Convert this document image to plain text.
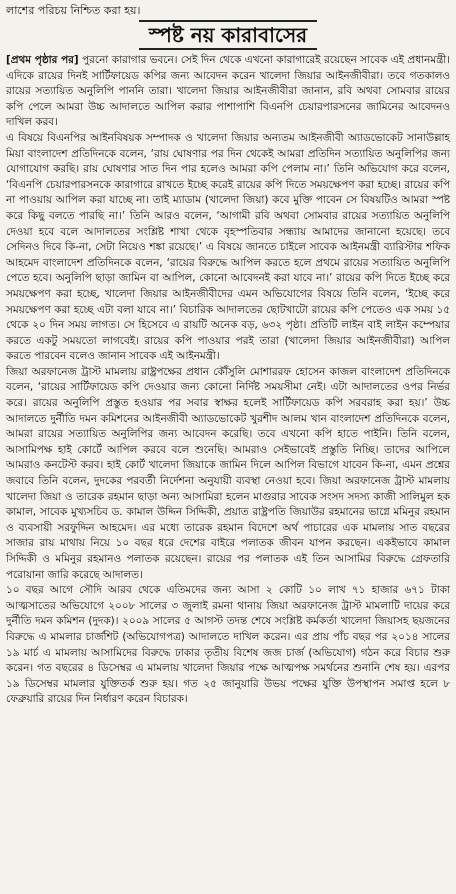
লাশের পরিচয় নিশ্চিত করা হয়।
স্পষ্ট নয় কারাবাসের

[প্রথম পৃষ্ঠার পর] পুরনো কারাগার ভবনে। সেই দিন থেকে এখনো কারাগারেই রয়েছেন সাবেক এই প্রধানমন্ত্রী। এদিকে রায়ের দিনই সার্টিফায়েড কপির জন্য আবেদন করেন খালেদা জিয়ার আইনজীবীরা। তবে গতকালও রায়ের সত্যায়িত অনুলিপি পাননি তারা। খালেদা জিয়ার আইনজীবীরা জানান, রবি অথবা সোমবার রায়ের কপি পেলে আমরা উচ্চ আদালতে আপিল করার পাশাপাশি বিএনপি চেয়ারপারসনের জামিনের আবেদনও দাখিল করব।

এ বিষয়ে বিএনপির আইনবিষয়ক সম্পাদক ও খালেদা জিয়ার অন্যতম আইনজীবী অ্যাডভোকেট সানাউল্লাহ মিয়া বাংলাদেশ প্রতিদিনকে বলেন, ‘রায় ঘোষণার পর দিন থেকেই আমরা প্রতিদিন সত্যায়িত অনুলিপির জন্য যোগাযোগ করছি। রায় ঘোষণার সাত দিন পার হলেও আমরা কপি পেলাম না।’ তিনি অভিযোগ করে বলেন, ‘বিএনপি চেয়ারপারসনকে কারাগারে রাখতে ইচ্ছে করেই রায়ের কপি দিতে সময়ক্ষেপণ করা হচ্ছে। রায়ের কপি না পাওয়ায় আপিল করা যাচ্ছে না। তাই ম্যাডাম (খালেদা জিয়া) কবে মুক্তি পাবেন সে বিষয়টিও আমরা স্পষ্ট করে কিছু বলতে পারছি না।’ তিনি আরও বলেন, ‘আগামী রবি অথবা সোমবার রায়ের সত্যায়িত অনুলিপি দেওয়া হবে বলে আদালতের সংশ্লিষ্ট শাখা থেকে বৃহস্পতিবার সন্ধ্যায় আমাদের জানানো হয়েছে। তবে সেদিনও দিবে কি-না, সেটা নিয়েও শঙ্কা রয়েছে।’ এ বিষয়ে জানতে চাইলে সাবেক আইনমন্ত্রী ব্যারিস্টার শফিক আহমেদ বাংলাদেশ প্রতিদিনকে বলেন, ‘রায়ের বিরুদ্ধে আপিল করতে হলে প্রথমে রায়ের সত্যায়িত অনুলিপি পেতে হবে। অনুলিপি ছাড়া জামিন বা আপিল, কোনো আবেদনই করা যাবে না।’ রায়ের কপি দিতে ইচ্ছে করে সময়ক্ষেপণ করা হচ্ছে, খালেদা জিয়ার আইনজীবীদের এমন অভিযোগের বিষয়ে তিনি বলেন, ‘ইচ্ছে করে সময়ক্ষেপণ করা হচ্ছে এটা বলা যাবে না।’ বিচারিক আদালতের ছোটখাটো রায়ের কপি পেতেও এক সময় ১৫ থেকে ২০ দিন সময় লাগত। সে হিসেবে এ রায়টি অনেক বড়, ৬৩২ পৃষ্ঠা। প্রতিটি লাইন বাই লাইন কম্পেয়ার করতে একটু সময়তো লাগবেই। রায়ের কপি পাওয়ার পরই তারা (খালেদা জিয়ার আইনজীবীরা) আপিল করতে পারবেন বলেও জানান সাবেক এই আইনমন্ত্রী।

জিয়া অরফানেজ ট্রাস্ট মামলায় রাষ্ট্রপক্ষের প্রধান কৌঁসুলি মোশাররফ হোসেন কাজল বাংলাদেশ প্রতিদিনকে বলেন, ‘রায়ের সার্টিফায়েড কপি দেওয়ার জন্য কোনো নির্দিষ্ট সময়সীমা নেই। এটা আদালতের ওপর নির্ভর করে। রায়ের অনুলিপি প্রস্তুত হওয়ার পর সবার স্বাক্ষর হলেই সার্টিফায়েড কপি সরবরাহ করা হয়।’ উচ্চ আদালতে দুর্নীতি দমন কমিশনের আইনজীবী অ্যাডভোকেট খুরশীদ আলম খান বাংলাদেশ প্রতিদিনকে বলেন, আমরা রায়ের সত্যায়িত অনুলিপির জন্য আবেদন করেছি। তবে এখনো কপি হাতে পাইনি। তিনি বলেন, আসামিপক্ষ হাই কোর্টে আপিল করবে বলে শুনেছি। আমরাও সেইভাবেই প্রস্তুতি নিচ্ছি। তাদের আপিলে আমরাও কনটেস্ট করব। হাই কোর্ট খালেদা জিয়াকে জামিন দিলে আপিল বিভাগে যাবেন কি-না, এমন প্রশ্নের জবাবে তিনি বলেন, দুদকের পরবর্তী নির্দেশনা অনুযায়ী ব্যবস্থা নেওয়া হবে। জিয়া অরফানেজ ট্রাস্ট মামলায় খালেদা জিয়া ও তারেক রহমান ছাড়া অন্য আসামিরা হলেন মাগুরার সাবেক সংসদ সদস্য কাজী সালিমুল হক কামাল, সাবেক মুখ্যসচিব ড. কামাল উদ্দিন সিদ্দিকী, প্রয়াত রাষ্ট্রপতি জিয়াউর রহমানের ভাগ্নে মমিনুর রহমান ও ব্যবসায়ী সরফুদ্দিন আহমেদ। এর মধ্যে তারেক রহমান বিদেশে অর্থ পাচারের এক মামলায় সাত বছরের সাজার রায় মাথায় নিয়ে ১০ বছর ধরে দেশের বাইরে পলাতক জীবন যাপন করছেন। একইভাবে কামাল সিদ্দিকী ও মমিনুর রহমানও পলাতক রয়েছেন। রায়ের পর পলাতক এই তিন আসামির বিরুদ্ধে গ্রেফতারি পরোয়ানা জারি করেছে আদালত।

১০ বছর আগে সৌদি আরব থেকে এতিমদের জন্য আসা ২ কোটি ১০ লাখ ৭১ হাজার ৬৭১ টাকা আত্মসাতের অভিযোগে ২০০৮ সালের ৩ জুলাই রমনা থানায় জিয়া অরফানেজ ট্রাস্ট মামলাটি দায়ের করে দুর্নীতি দমন কমিশন (দুদক)। ২০০৯ সালের ৫ আগস্ট তদন্ত শেষে সংশ্লিষ্ট কর্মকর্তা খালেদা জিয়াসহ ছয়জনের বিরুদ্ধে এ মামলার চার্জশিট (অভিযোগপত্র) আদালতে দাখিল করেন। এর প্রায় পাঁচ বছর পর ২০১৪ সালের ১৯ মার্চ এ মামলায় আসামিদের বিরুদ্ধে ঢাকার তৃতীয় বিশেষ জজ চার্জ (অভিযোগ) গঠন করে বিচার শুরু করেন। গত বছরের ৪ ডিসেম্বর এ মামলায় খালেদা জিয়ার পক্ষে আত্মপক্ষ সমর্থনের শুনানি শেষ হয়। এরপর ১৯ ডিসেম্বর মামলার যুক্তিতর্ক শুরু হয়। গত ২৫ জানুয়ারি উভয় পক্ষের যুক্তি উপস্থাপন সমাপ্ত হলে ৮ ফেব্রুয়ারি রায়ের দিন নির্ধারণ করেন বিচারক।
